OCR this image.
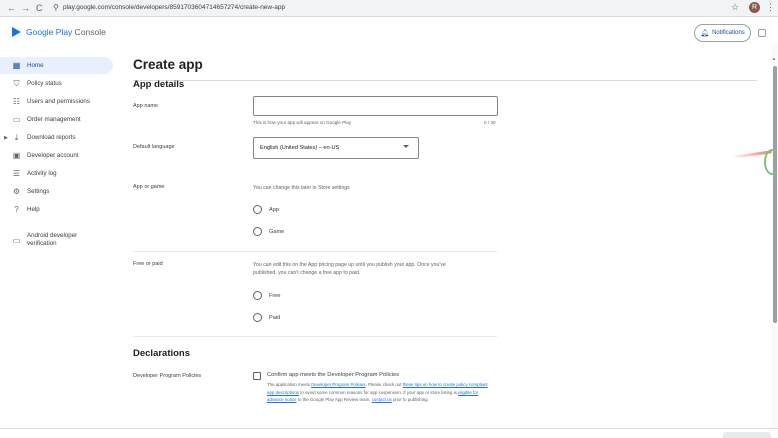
← → C ⚲ play.google.com/console/developers/8591703604714657274/create-new-app	☆	R ⋮
Google Play Console	🔔︎ Notifications
▦ Home
⛉ Policy status
☷ Users and permissions
▭ Order management
▶ ⤓	Download reports
▣ Developer account
☰ Activity log
⚙ Settings
?	Help
▭
Android developer verification
Create app
App details
App name
This is how your app will appear on Google Play	0 / 30
Default language	English (United States) – en-US
App or game	You can change this later in Store settings
App
Game
Free or paid	You can edit this on the App pricing page up until you publish your app. Once you've
published, you can't change a free app to paid.
Free
Paid
Declarations
Developer Program Policies	Confirm app meets the Developer Program Policies

The application meets Developer Program Policies. Please check out these tips on how to create policy compliant app descriptions to avoid some common reasons for app suspension. If your app or store listing is eligible for advance notice to the Google Play App Review team, contact us prior to publishing.

▲
